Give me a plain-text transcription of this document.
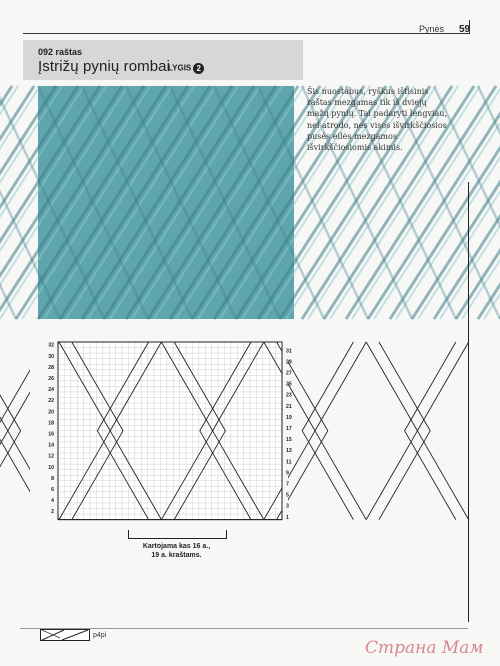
Pynės 59
092 raštas
Įstrižų pynių rombai
LYGIS 2

Šis nuostabus, ryškus ištisinis raštas mezgamas tik iš dviejų mažų pynių. Tai padaryti lengviau, nei atrodo, nes visos išvirkščiosios pusės eilės mezgamos išvirkščiosiomis akimis.

32
30
28
26
24
22
20
18
16
14
12
10
8
6
4
2
31
29
27
25
23
21
19
17
15
13
11
9
7
5
3
1
Kartojama kas 16 a.,
19 a. kraštams.
p4pi
Страна Мам
